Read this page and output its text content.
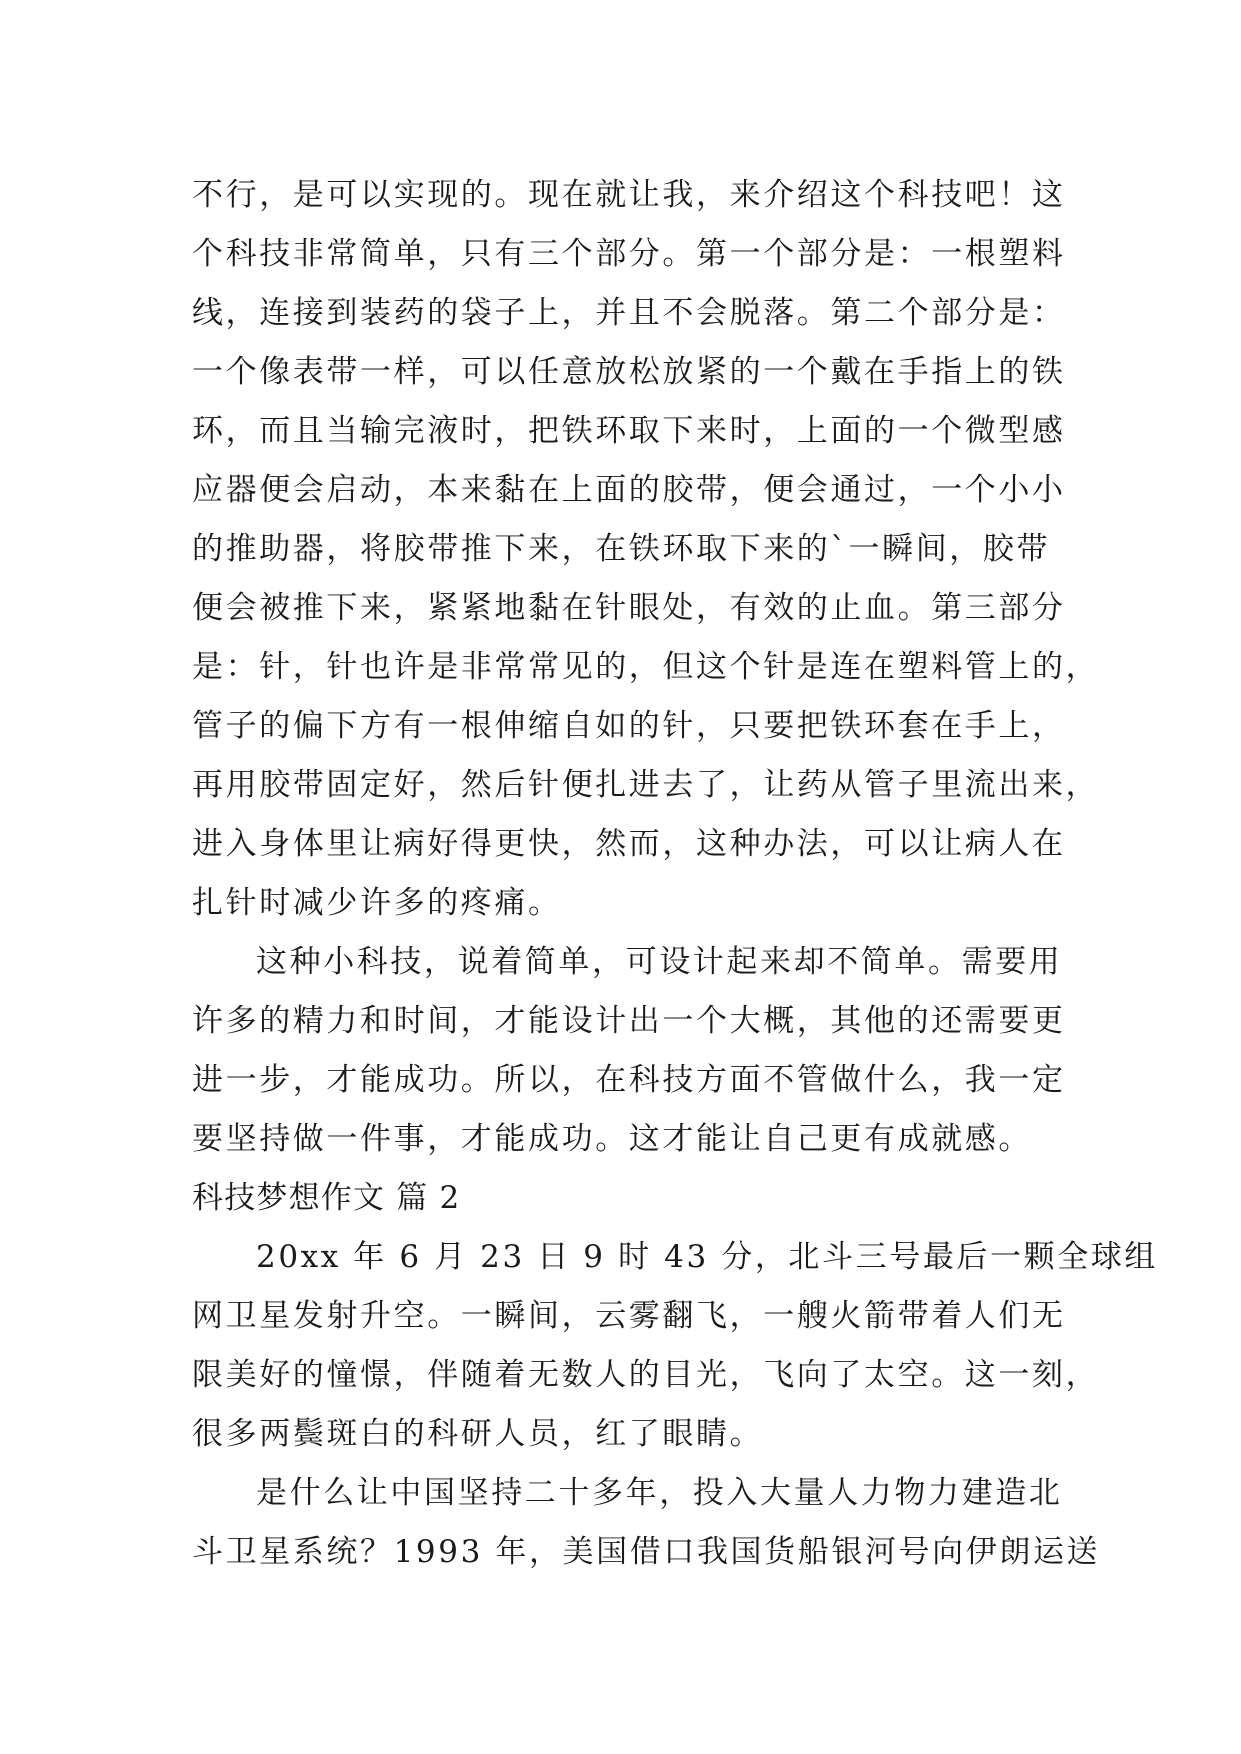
不行，是可以实现的。现在就让我，来介绍这个科技吧！这
个科技非常简单，只有三个部分。第一个部分是：一根塑料
线，连接到装药的袋子上，并且不会脱落。第二个部分是：
一个像表带一样，可以任意放松放紧的一个戴在手指上的铁
环，而且当输完液时，把铁环取下来时，上面的一个微型感
应器便会启动，本来黏在上面的胶带，便会通过，一个小小
的推助器，将胶带推下来，在铁环取下来的`一瞬间，胶带
便会被推下来，紧紧地黏在针眼处，有效的止血。第三部分
是：针，针也许是非常常见的，但这个针是连在塑料管上的，
管子的偏下方有一根伸缩自如的针，只要把铁环套在手上，
再用胶带固定好，然后针便扎进去了，让药从管子里流出来，
进入身体里让病好得更快，然而，这种办法，可以让病人在
扎针时减少许多的疼痛。
这种小科技，说着简单，可设计起来却不简单。需要用
许多的精力和时间，才能设计出一个大概，其他的还需要更
进一步，才能成功。所以，在科技方面不管做什么，我一定
要坚持做一件事，才能成功。这才能让自己更有成就感。
科技梦想作文 篇 2
20xx 年 6 月 23 日 9 时 43 分，北斗三号最后一颗全球组
网卫星发射升空。一瞬间，云雾翻飞，一艘火箭带着人们无
限美好的憧憬，伴随着无数人的目光，飞向了太空。这一刻，
很多两鬓斑白的科研人员，红了眼睛。
是什么让中国坚持二十多年，投入大量人力物力建造北
斗卫星系统？1993 年，美国借口我国货船银河号向伊朗运送
